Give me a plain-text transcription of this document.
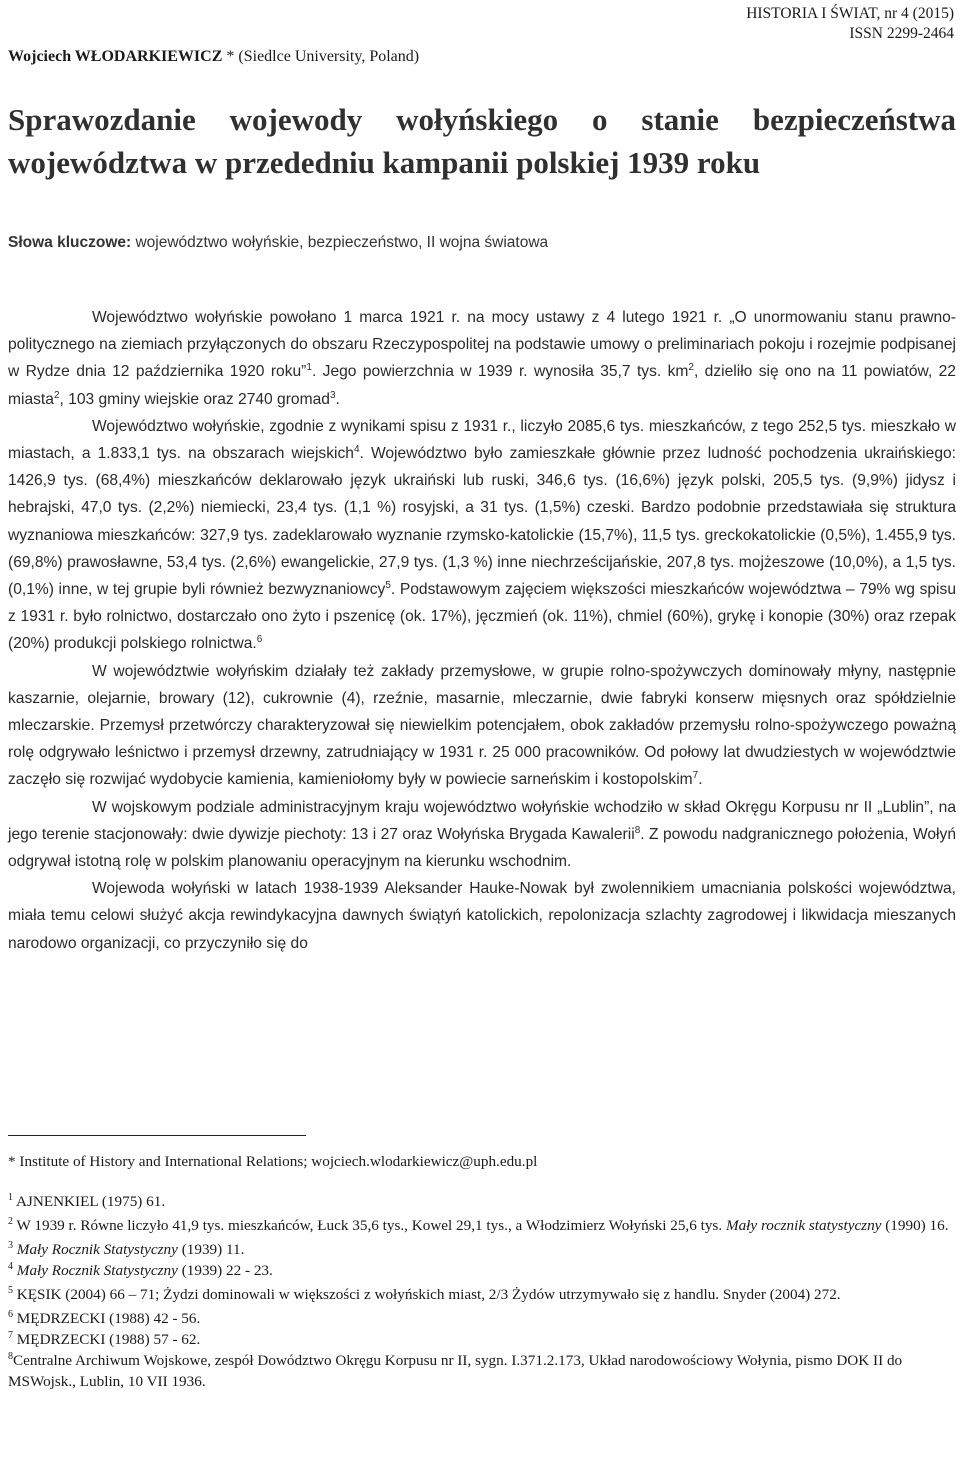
HISTORIA I ŚWIAT, nr 4 (2015)
ISSN 2299-2464
Wojciech WŁODARKIEWICZ * (Siedlce University, Poland)
Sprawozdanie wojewody wołyńskiego o stanie bezpieczeństwa
województwa w przededniu kampanii polskiej 1939 roku
Słowa kluczowe: województwo wołyńskie, bezpieczeństwo, II wojna światowa

Województwo wołyńskie powołano 1 marca 1921 r. na mocy ustawy z 4 lutego 1921 r. „O unormowaniu stanu prawno-politycznego na ziemiach przyłączonych do obszaru Rzeczypospolitej na podstawie umowy o preliminariach pokoju i rozejmie podpisanej w Rydze dnia 12 października 1920 roku”$^1$. Jego powierzchnia w 1939 r. wynosiła 35,7 tys. $km^2$, dzieliło się ono na 11 powiatów, 22 miasta$^2$, 103 gminy wiejskie oraz 2740 gromad$^3$.

Województwo wołyńskie, zgodnie z wynikami spisu z 1931 r., liczyło 2085,6 tys. mieszkańców, z tego 252,5 tys. mieszkało w miastach, a 1.833,1 tys. na obszarach wiejskich$^4$. Województwo było zamieszkałe głównie przez ludność pochodzenia ukraińskiego: 1426,9 tys. (68,4%) mieszkańców deklarowało język ukraiński lub ruski, 346,6 tys. (16,6%) język polski, 205,5 tys. (9,9%) jidysz i hebrajski, 47,0 tys. (2,2%) niemiecki, 23,4 tys. (1,1 %) rosyjski, a 31 tys. (1,5%) czeski. Bardzo podobnie przedstawiała się struktura wyznaniowa mieszkańców: 327,9 tys. zadeklarowało wyznanie rzymsko-katolickie (15,7%), 11,5 tys. greckokatolickie (0,5%), 1.455,9 tys. (69,8%) prawosławne, 53,4 tys. (2,6%) ewangelickie, 27,9 tys. (1,3 %) inne niechrześcijańskie, 207,8 tys. mojżeszowe (10,0%), a 1,5 tys. (0,1%) inne, w tej grupie byli również bezwyznaniowcy$^5$. Podstawowym zajęciem większości mieszkańców województwa – 79% wg spisu z 1931 r. było rolnictwo, dostarczało ono żyto i pszenicę (ok. 17%), jęczmień (ok. 11%), chmiel (60%), grykę i konopie (30%) oraz rzepak (20%) produkcji polskiego rolnictwa.$^6$

W województwie wołyńskim działały też zakłady przemysłowe, w grupie rolno-spożywczych dominowały młyny, następnie kaszarnie, olejarnie, browary (12), cukrownie (4), rzeźnie, masarnie, mleczarnie, dwie fabryki konserw mięsnych oraz spółdzielnie mleczarskie. Przemysł przetwórczy charakteryzował się niewielkim potencjałem, obok zakładów przemysłu rolno-spożywczego poważną rolę odgrywało leśnictwo i przemysł drzewny, zatrudniający w 1931 r. 25 000 pracowników. Od połowy lat dwudziestych w województwie zaczęło się rozwijać wydobycie kamienia, kamieniołomy były w powiecie sarneńskim i kostopolskim$^7$.

W wojskowym podziale administracyjnym kraju województwo wołyńskie wchodziło w skład Okręgu Korpusu nr II „Lublin”, na jego terenie stacjonowały: dwie dywizje piechoty: 13 i 27 oraz Wołyńska Brygada Kawalerii$^8$. Z powodu nadgranicznego położenia, Wołyń odgrywał istotną rolę w polskim planowaniu operacyjnym na kierunku wschodnim.

Wojewoda wołyński w latach 1938-1939 Aleksander Hauke-Nowak był zwolennikiem umacniania polskości województwa, miała temu celowi służyć akcja rewindykacyjna dawnych świątyń katolickich, repolonizacja szlachty zagrodowej i likwidacja mieszanych narodowo organizacji, co przyczyniło się do

* Institute of History and International Relations; wojciech.wlodarkiewicz@uph.edu.pl

$^1$ AJNENKIEL (1975) 61.

$^2$ W 1939 r. Równe liczyło 41,9 tys. mieszkańców, Łuck 35,6 tys., Kowel 29,1 tys., a Włodzimierz Wołyński 25,6 tys. Mały rocznik statystyczny (1990) 16.

$^3$ Mały Rocznik Statystyczny (1939) 11.

$^4$ Mały Rocznik Statystyczny (1939) 22 - 23.

$^5$ KĘSIK (2004) 66 – 71; Żydzi dominowali w większości z wołyńskich miast, 2/3 Żydów utrzymywało się z handlu. Snyder (2004) 272.

$^6$ MĘDRZECKI (1988) 42 - 56.

$^7$ MĘDRZECKI (1988) 57 - 62.

$^8$Centralne Archiwum Wojskowe, zespół Dowództwo Okręgu Korpusu nr II, sygn. I.371.2.173, Układ narodowościowy Wołynia, pismo DOK II do MSWojsk., Lublin, 10 VII 1936.
